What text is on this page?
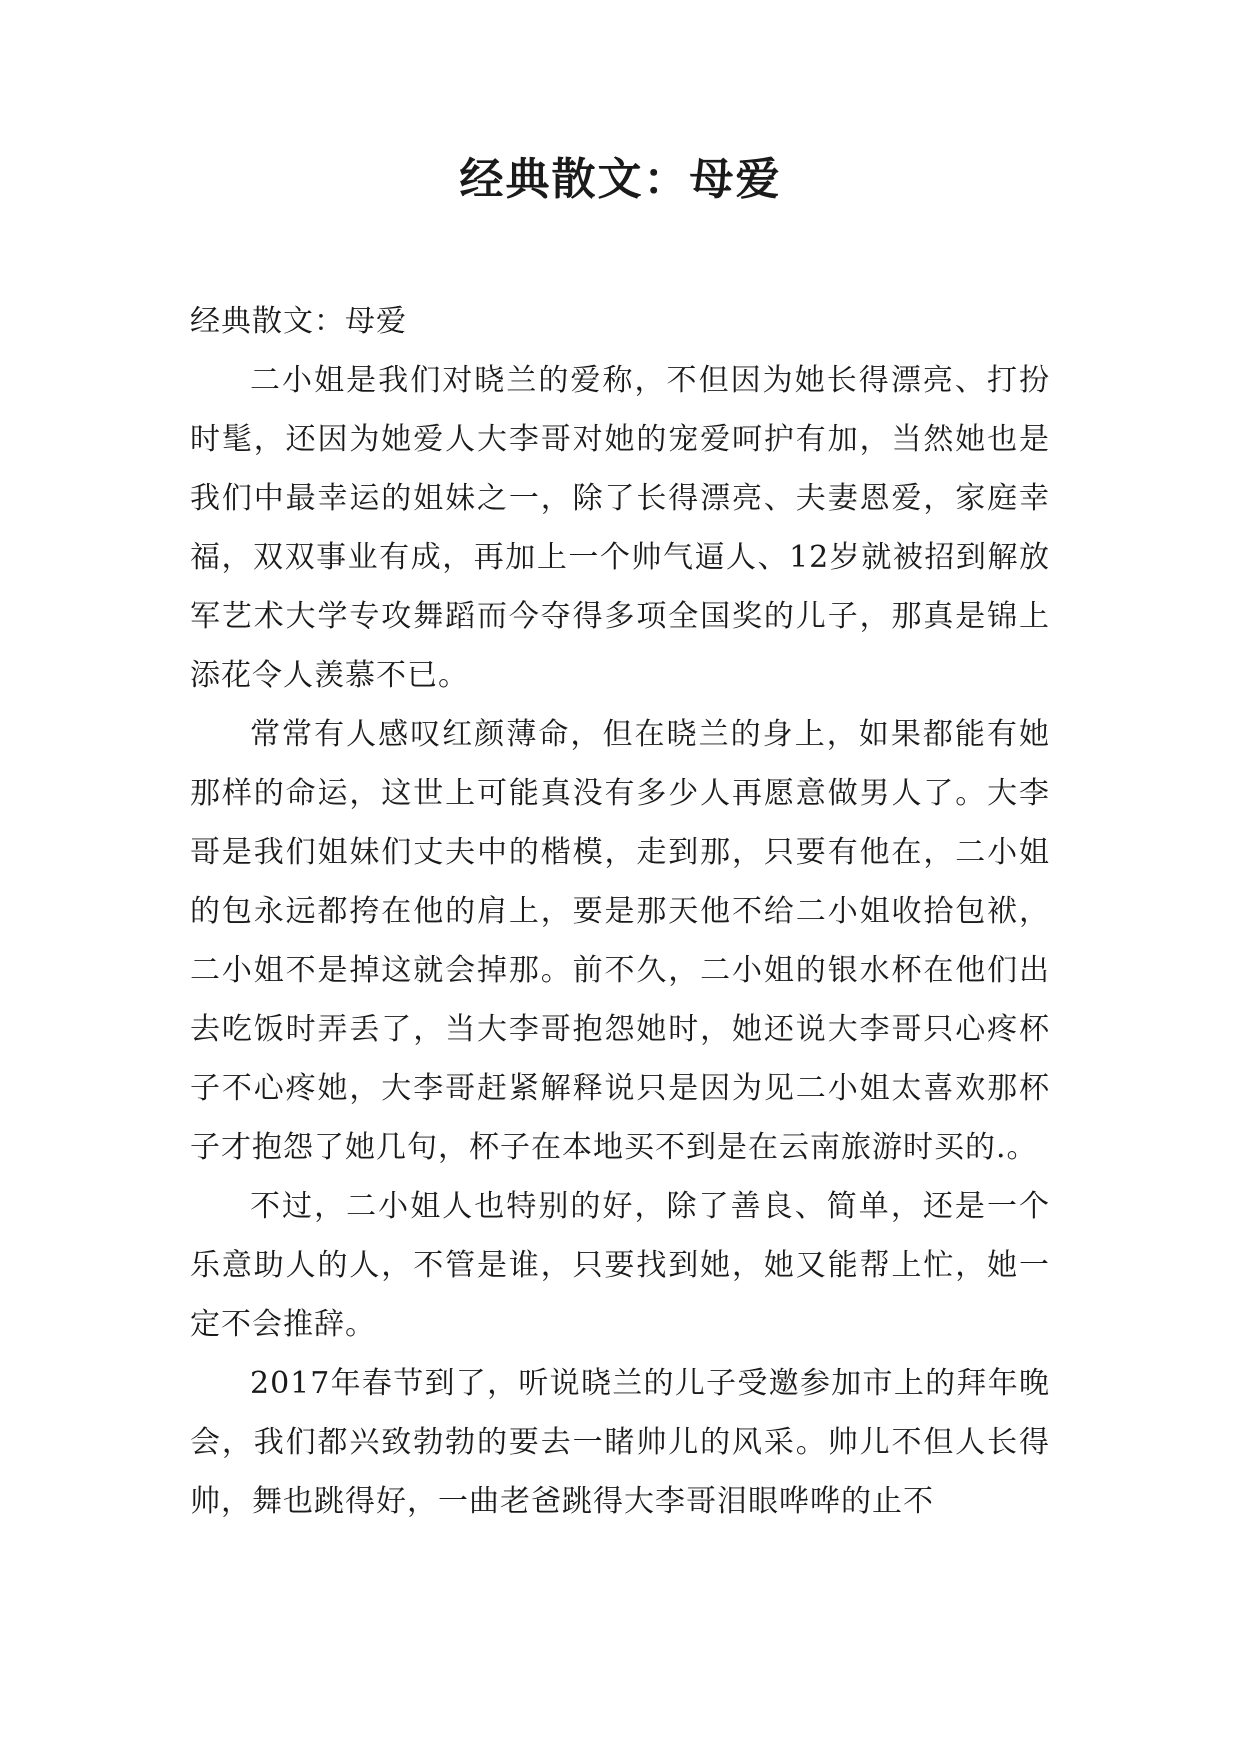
经典散文：母爱

经典散文：母爱

二小姐是我们对晓兰的爱称，不但因为她长得漂亮、打扮时髦，还因为她爱人大李哥对她的宠爱呵护有加，当然她也是我们中最幸运的姐妹之一，除了长得漂亮、夫妻恩爱，家庭幸福，双双事业有成，再加上一个帅气逼人、12岁就被招到解放军艺术大学专攻舞蹈而今夺得多项全国奖的儿子，那真是锦上添花令人羡慕不已。

常常有人感叹红颜薄命，但在晓兰的身上，如果都能有她那样的命运，这世上可能真没有多少人再愿意做男人了。大李哥是我们姐妹们丈夫中的楷模，走到那，只要有他在，二小姐的包永远都挎在他的肩上，要是那天他不给二小姐收拾包袱，二小姐不是掉这就会掉那。前不久，二小姐的银水杯在他们出去吃饭时弄丢了，当大李哥抱怨她时，她还说大李哥只心疼杯子不心疼她，大李哥赶紧解释说只是因为见二小姐太喜欢那杯子才抱怨了她几句，杯子在本地买不到是在云南旅游时买的.。

不过，二小姐人也特别的好，除了善良、简单，还是一个乐意助人的人，不管是谁，只要找到她，她又能帮上忙，她一定不会推辞。

2017年春节到了，听说晓兰的儿子受邀参加市上的拜年晚会，我们都兴致勃勃的要去一睹帅儿的风采。帅儿不但人长得帅，舞也跳得好，一曲老爸跳得大李哥泪眼哗哗的止不
